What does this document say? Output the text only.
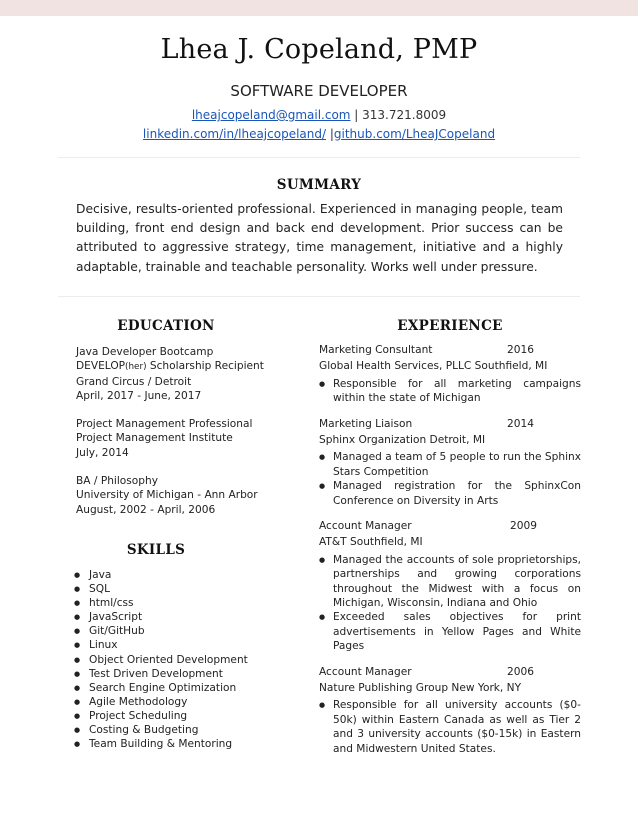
Lhea J. Copeland, PMP
SOFTWARE DEVELOPER
lheajcopeland@gmail.com | 313.721.8009
linkedin.com/in/lheajcopeland/ |github.com/LheaJCopeland
SUMMARY
Decisive, results-oriented professional. Experienced in managing people, team building, front end design and back end development. Prior success can be attributed to aggressive strategy, time management, initiative and a highly adaptable, trainable and teachable personality. Works well under pressure.
EDUCATION	EXPERIENCE
Java Developer Bootcamp
DEVELOP(her) Scholarship Recipient
Grand Circus / Detroit
April, 2017 - June, 2017
Project Management Professional
Project Management Institute
July, 2014
BA / Philosophy
University of Michigan - Ann Arbor
August, 2002 - April, 2006
SKILLS
● Java
● SQL
● html/css
● JavaScript
● Git/GitHub
● Linux
● Object Oriented Development
● Test Driven Development
● Search Engine Optimization
● Agile Methodology
● Project Scheduling
● Costing & Budgeting
● Team Building & Mentoring
Marketing Consultant	2016
Global Health Services, PLLC Southfield, MI
● Responsible for all marketing campaigns within the state of Michigan
Marketing Liaison	2014
Sphinx Organization Detroit, MI
● Managed a team of 5 people to run the Sphinx Stars Competition
● Managed registration for the SphinxCon Conference on Diversity in Arts
Account Manager	2009
AT&T Southfield, MI
● Managed the accounts of sole proprietorships, partnerships and growing corporations throughout the Midwest with a focus on Michigan, Wisconsin, Indiana and Ohio
● Exceeded sales objectives for print advertisements in Yellow Pages and White Pages
Account Manager	2006
Nature Publishing Group New York, NY
● Responsible for all university accounts ($0-50k) within Eastern Canada as well as Tier 2 and 3 university accounts ($0-15k) in Eastern and Midwestern United States.
